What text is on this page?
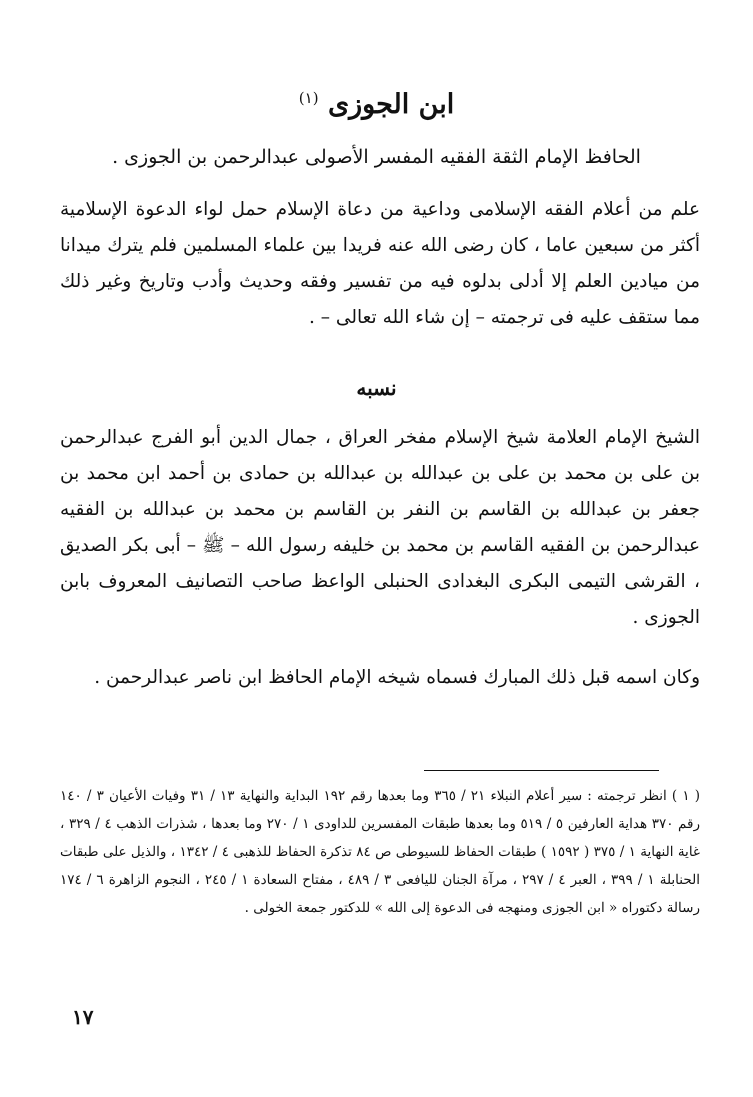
ابن الجوزى $^{(١)}$
الحافظ الإمام الثقة الفقيه المفسر الأصولى عبدالرحمن بن الجوزى .

علم من أعلام الفقه الإسلامى وداعية من دعاة الإسلام حمل لواء الدعوة الإسلامية أكثر من سبعين عاما ، كان رضى الله عنه فريدا بين علماء المسلمين فلم يترك ميدانا من ميادين العلم إلا أدلى بدلوه فيه من تفسير وفقه وحديث وأدب وتاريخ وغير ذلك مما ستقف عليه فى ترجمته – إن شاء الله تعالى – .

نسبه

الشيخ الإمام العلامة شيخ الإسلام مفخر العراق ، جمال الدين أبو الفرج عبدالرحمن بن على بن محمد بن على بن عبدالله بن عبدالله بن حمادى بن أحمد ابن محمد بن جعفر بن عبدالله بن القاسم بن النفر بن القاسم بن محمد بن عبدالله بن الفقيه عبدالرحمن بن الفقيه القاسم بن محمد بن خليفه رسول الله – ﷺ – أبى بكر الصديق ، القرشى التيمى البكرى البغدادى الحنبلى الواعظ صاحب التصانيف المعروف بابن الجوزى .

وكان اسمه قبل ذلك المبارك فسماه شيخه الإمام الحافظ ابن ناصر عبدالرحمن .

( ١ ) انظر ترجمته : سير أعلام النبلاء ٢١ / ٣٦٥ وما بعدها رقم ١٩٢ البداية والنهاية ١٣ / ٣١ وفيات الأعيان ٣ / ١٤٠ رقم ٣٧٠ هداية العارفين ٥ / ٥١٩ وما بعدها طبقات المفسرين للداودى ١ / ٢٧٠ وما بعدها ، شذرات الذهب ٤ / ٣٢٩ ، غاية النهاية ١ / ٣٧٥ ( ١٥٩٢ ) طبقات الحفاظ للسيوطى ص ٨٤ تذكرة الحفاظ للذهبى ٤ / ١٣٤٢ ، والذيل على طبقات الحنابلة ١ / ٣٩٩ ، العبر ٤ / ٢٩٧ ، مرآة الجنان لليافعى ٣ / ٤٨٩ ، مفتاح السعادة ١ / ٢٤٥ ، النجوم الزاهرة ٦ / ١٧٤ رسالة دكتوراه « ابن الجوزى ومنهجه فى الدعوة إلى الله » للدكتور جمعة الخولى .

١٧
